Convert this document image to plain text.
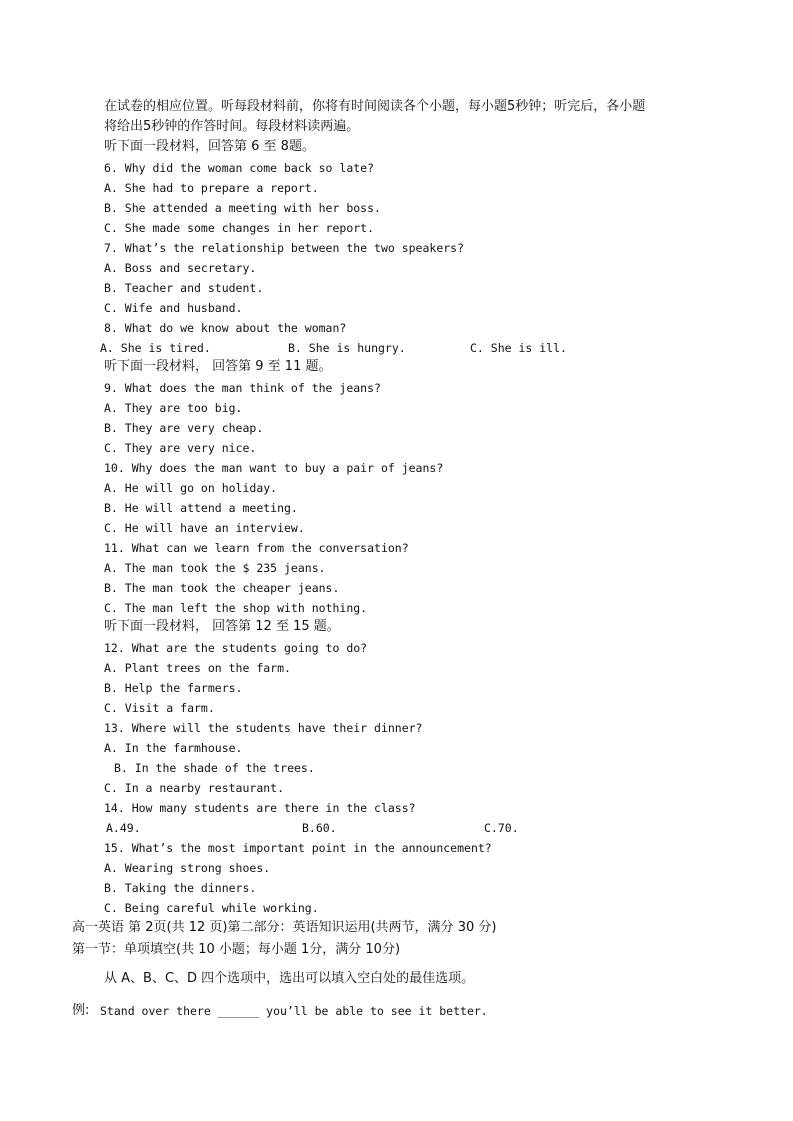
在试卷的相应位置。听每段材料前，你将有时间阅读各个小题，每小题5秒钟；听完后，各小题
将给出5秒钟的作答时间。每段材料读两遍。
听下面一段材料，回答第 6 至 8题。
6. Why did the woman come back so late?
A. She had to prepare a report.
B. She attended a meeting with her boss.
C. She made some changes in her report.
7. What’s the relationship between the two speakers?
A. Boss and secretary.
B. Teacher and student.
C. Wife and husband.
8. What do we know about the woman?
A. She is tired.	B. She is hungry.	C. She is ill.
听下面一段材料， 回答第 9 至 11 题。
9. What does the man think of the jeans?
A. They are too big.
B. They are very cheap.
C. They are very nice.
10. Why does the man want to buy a pair of jeans?
A. He will go on holiday.
B. He will attend a meeting.
C. He will have an interview.
11. What can we learn from the conversation?
A. The man took the $ 235 jeans.
B. The man took the cheaper jeans.
C. The man left the shop with nothing.
听下面一段材料， 回答第 12 至 15 题。
12. What are the students going to do?
A. Plant trees on the farm.
B. Help the farmers.
C. Visit a farm.
13. Where will the students have their dinner?
A. In the farmhouse.
B. In the shade of the trees.
C. In a nearby restaurant.
14. How many students are there in the class?
A.49.	B.60.	C.70.
15. What’s the most important point in the announcement?
A. Wearing strong shoes.
B. Taking the dinners.
C. Being careful while working.
高一英语 第 2页(共 12 页)第二部分：英语知识运用(共两节，满分 30 分)
第一节：单项填空(共 10 小题；每小题 1分，满分 10分)
从 A、B、C、D 四个选项中，选出可以填入空白处的最佳选项。
例: Stand over there ______ you’ll be able to see it better.
